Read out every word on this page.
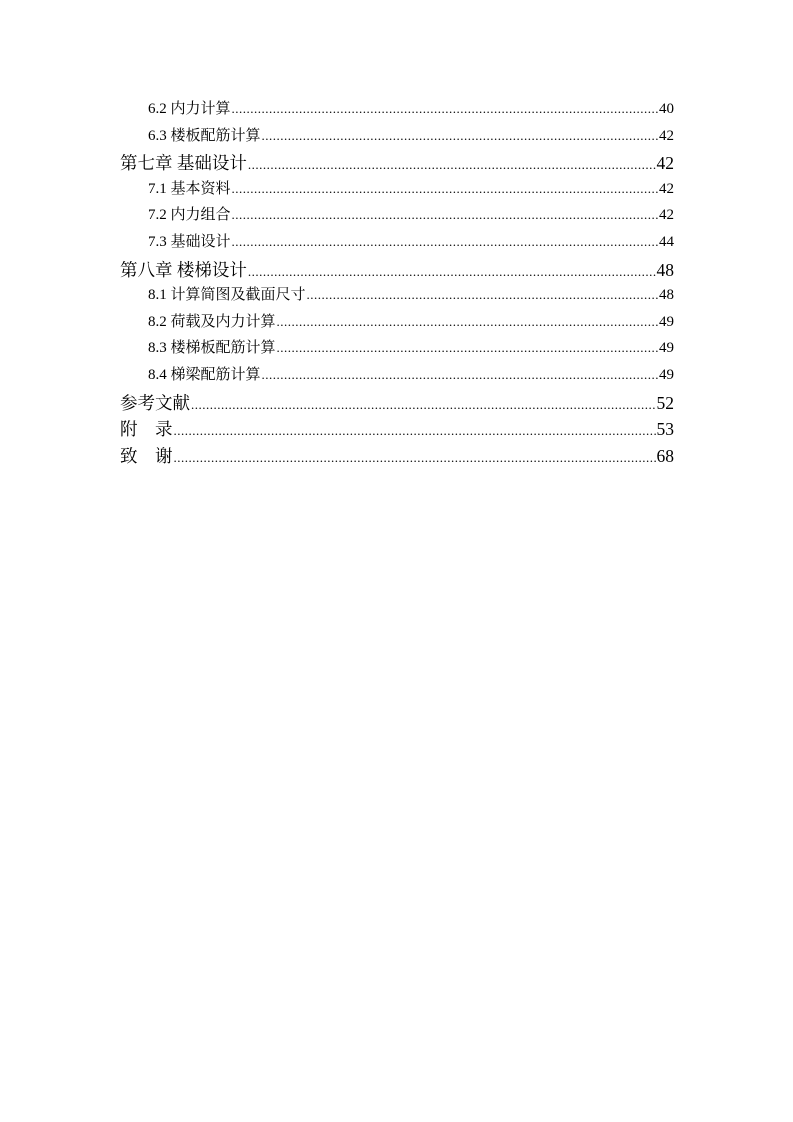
6.2 内力计算 .....	40
6.3 楼板配筋计算 .....	42
第七章 基础设计 .....	42
7.1 基本资料 .....	42
7.2 内力组合 .....	42
7.3 基础设计 .....	44
第八章 楼梯设计 .....	48
8.1 计算简图及截面尺寸 .....	48
8.2 荷载及内力计算 .....	49
8.3 楼梯板配筋计算 .....	49
8.4 梯梁配筋计算 .....	49
参考文献 .....	52
附    录 .....	53
致    谢 .....	68
